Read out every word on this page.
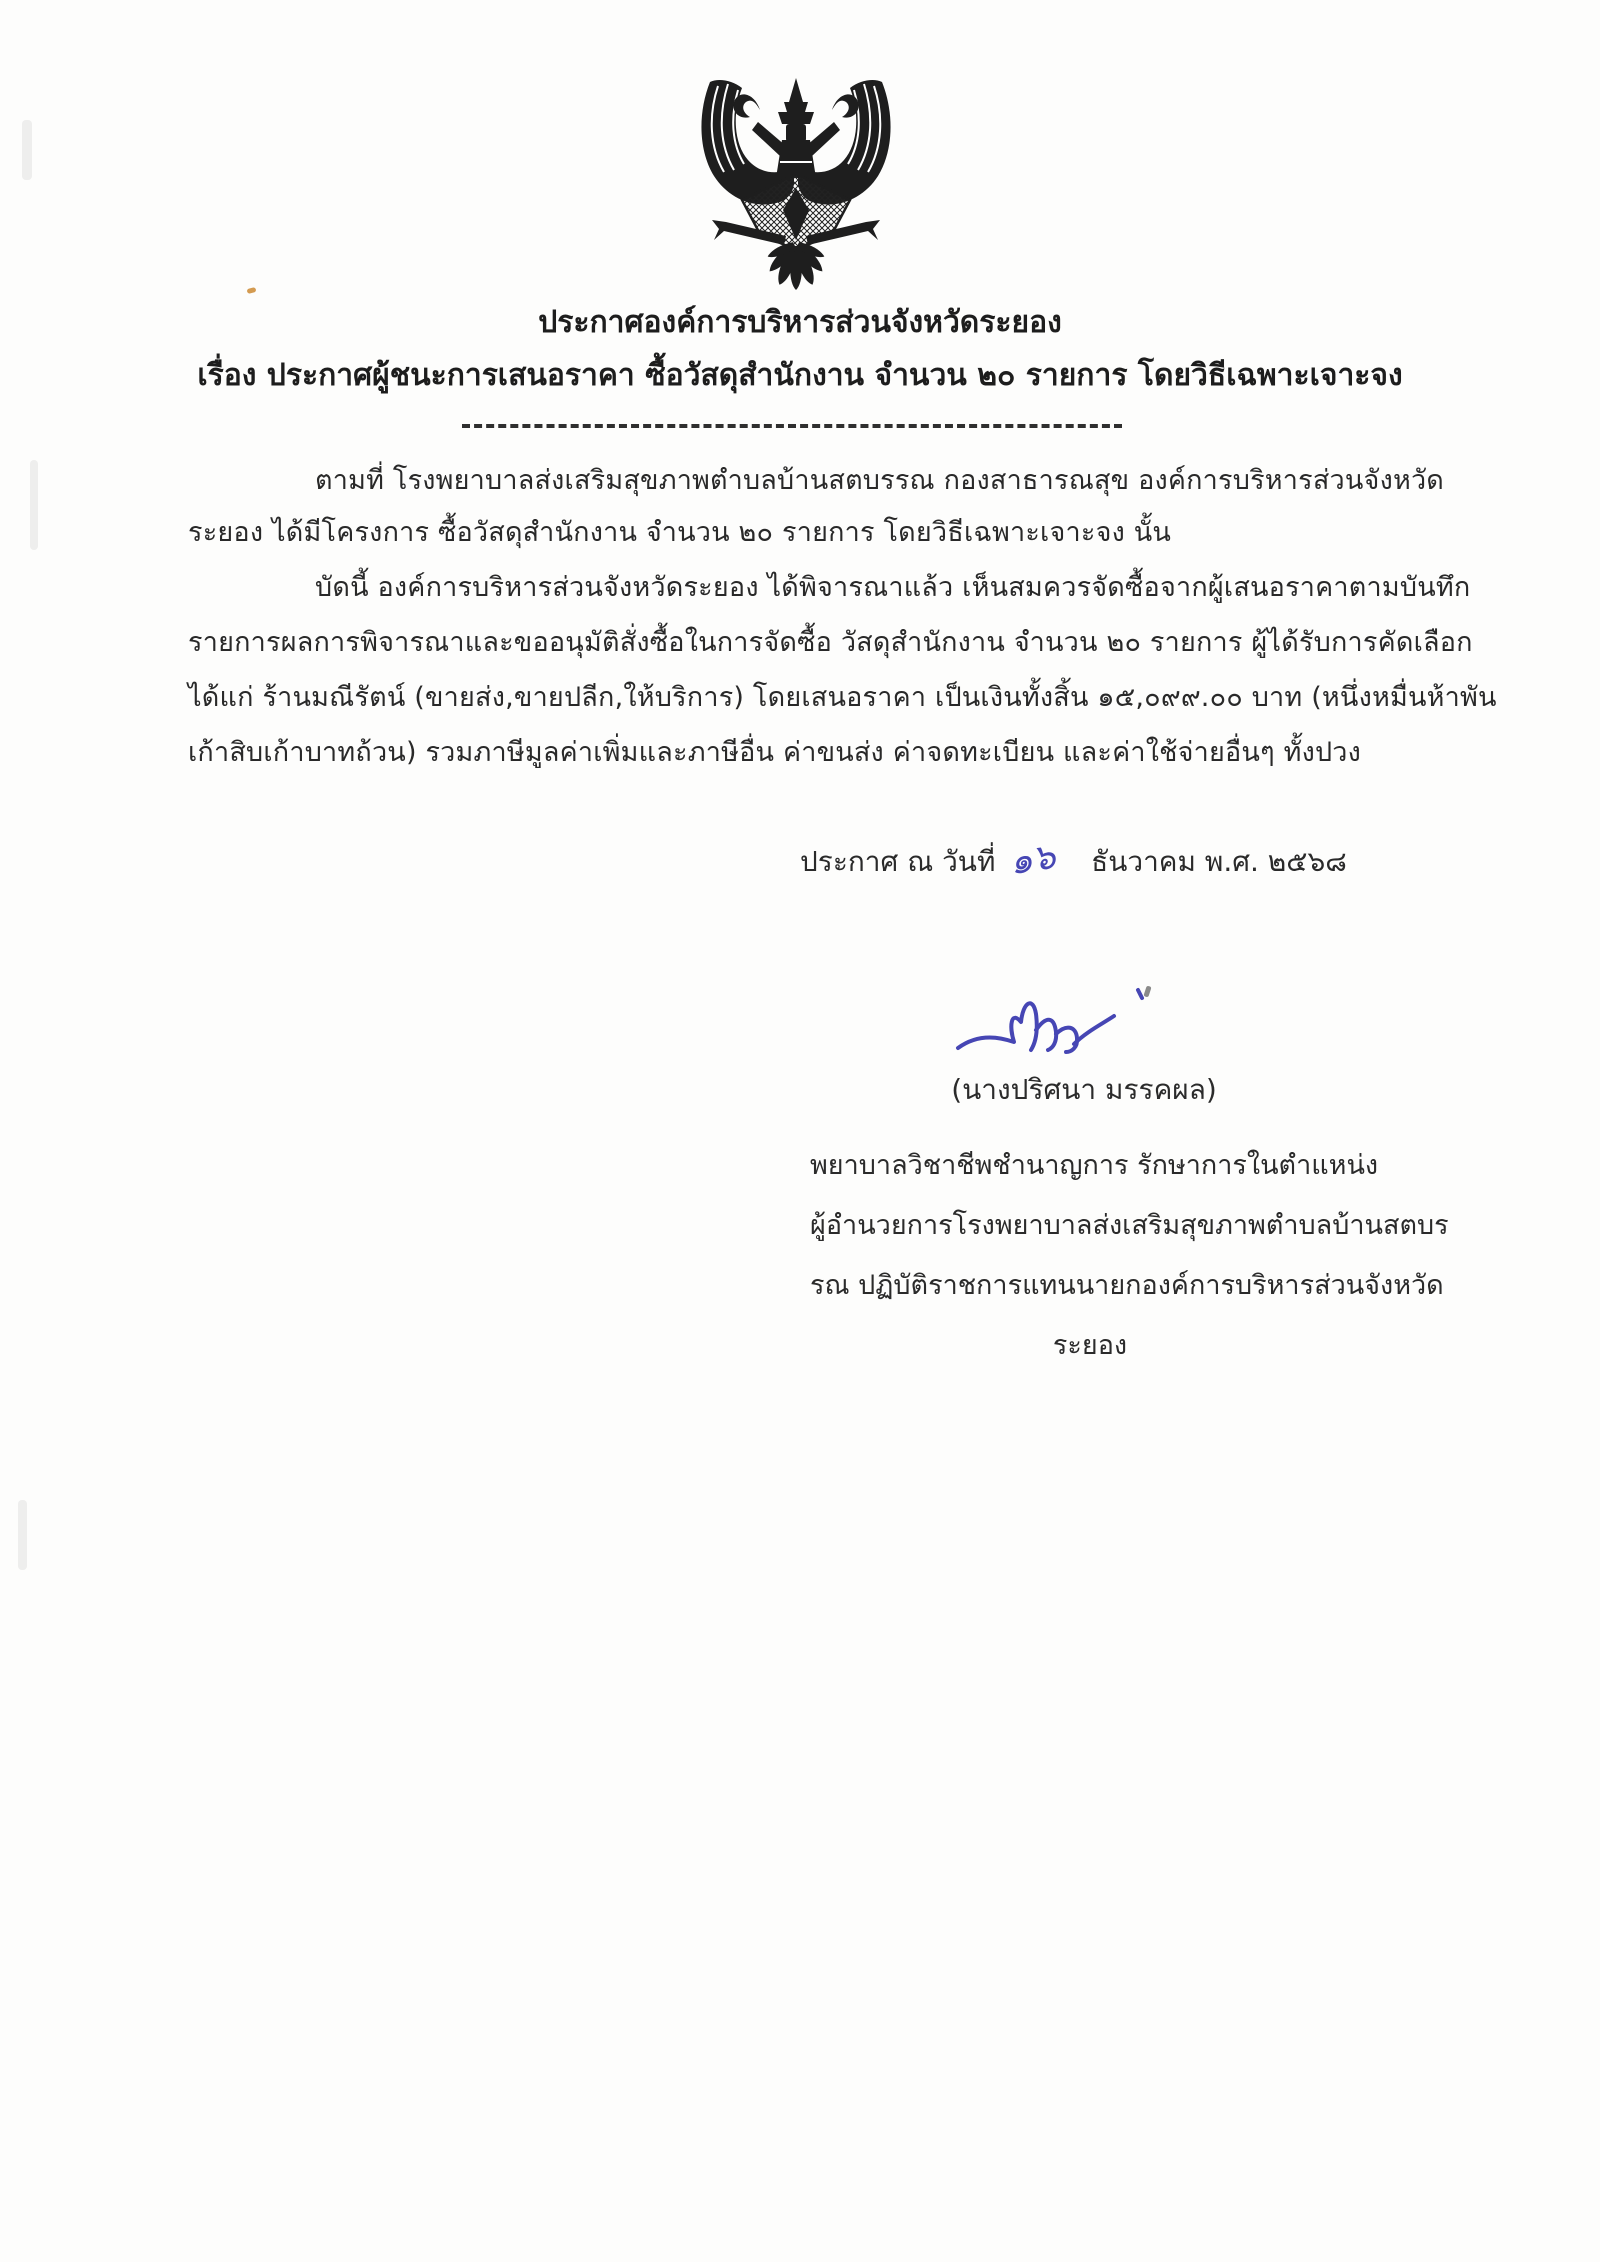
ประกาศองค์การบริหารส่วนจังหวัดระยอง
เรื่อง ประกาศผู้ชนะการเสนอราคา ซื้อวัสดุสำนักงาน จำนวน ๒๐ รายการ โดยวิธีเฉพาะเจาะจง
ตามที่ โรงพยาบาลส่งเสริมสุขภาพตำบลบ้านสตบรรณ กองสาธารณสุข องค์การบริหารส่วนจังหวัด
ระยอง ได้มีโครงการ ซื้อวัสดุสำนักงาน จำนวน ๒๐ รายการ โดยวิธีเฉพาะเจาะจง นั้น
บัดนี้ องค์การบริหารส่วนจังหวัดระยอง ได้พิจารณาแล้ว เห็นสมควรจัดซื้อจากผู้เสนอราคาตามบันทึก
รายการผลการพิจารณาและขออนุมัติสั่งซื้อในการจัดซื้อ วัสดุสำนักงาน จำนวน ๒๐ รายการ ผู้ได้รับการคัดเลือก
ได้แก่ ร้านมณีรัตน์ (ขายส่ง,ขายปลีก,ให้บริการ) โดยเสนอราคา เป็นเงินทั้งสิ้น ๑๕,๐๙๙.๐๐ บาท (หนึ่งหมื่นห้าพัน
เก้าสิบเก้าบาทถ้วน) รวมภาษีมูลค่าเพิ่มและภาษีอื่น ค่าขนส่ง ค่าจดทะเบียน และค่าใช้จ่ายอื่นๆ ทั้งปวง
ประกาศ ณ วันที่ ๑๖ ธันวาคม พ.ศ. ๒๕๖๘
(นางปริศนา มรรคผล)
พยาบาลวิชาชีพชำนาญการ รักษาการในตำแหน่ง
ผู้อำนวยการโรงพยาบาลส่งเสริมสุขภาพตำบลบ้านสตบร
รณ ปฏิบัติราชการแทนนายกองค์การบริหารส่วนจังหวัด
ระยอง
